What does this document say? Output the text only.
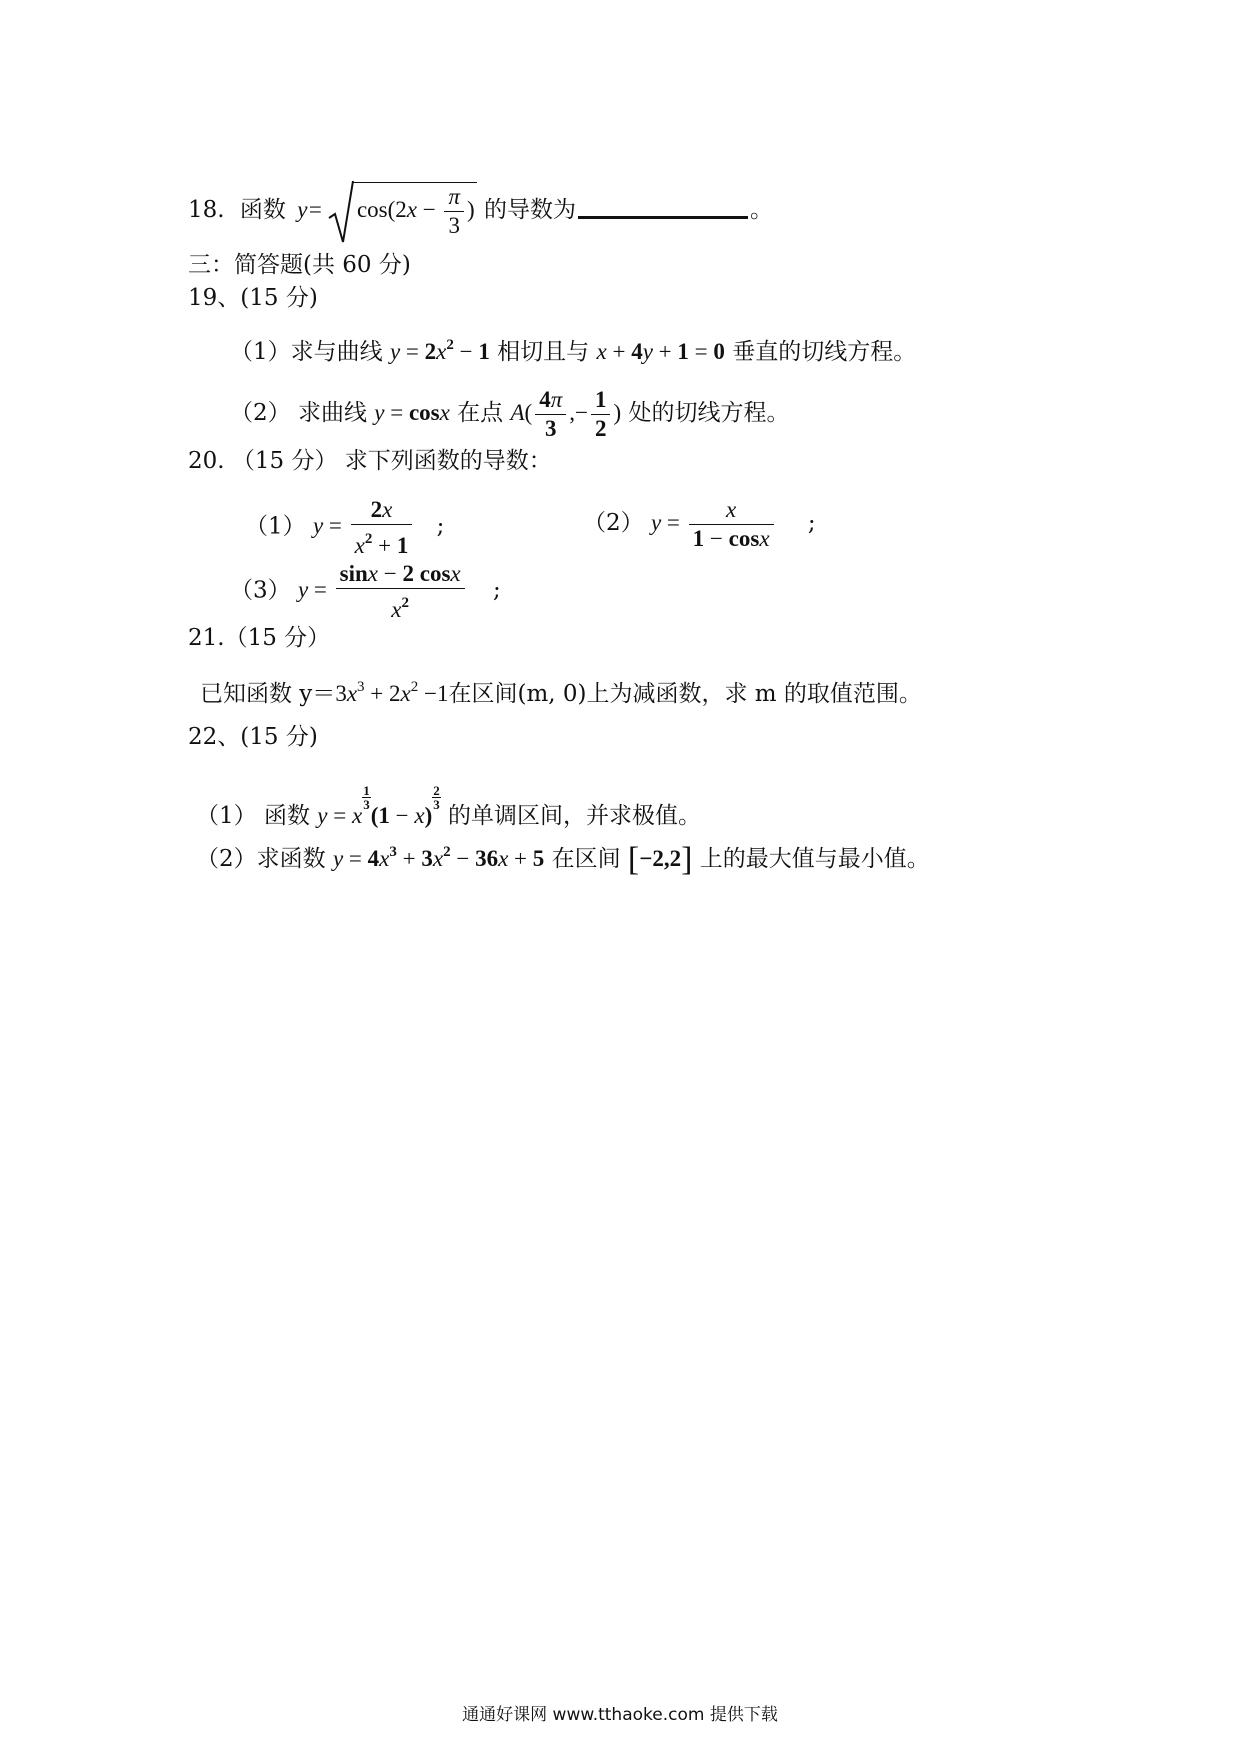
18. 函数 $y= \cos(2x - \frac{\pi}{3}$ ) 的导数为	。
三：简答题(共 60 分)
19、(15 分)
（1）求与曲线 $y = 2x^2 - 1$ 相切且与 x + 4y + 1 = 0 垂直的切线方程。
（2） 求曲线 y = cosx 在点 $A( \frac{4\pi}{3}$ ,− $\frac{1}{2}$ ) 处的切线方程。
20. （15 分） 求下列函数的导数：
（1） $y = \frac{2x}{x^2 + 1}$ ;	（2） $y = \frac{x}{1 - \cos x}$ ;
（3） $y = \frac{\sin x - 2 \cos x}{x^2}$ ;
21.（15 分）
已知函数 $y=3x^3 + 2x^2 -1$在区间(m, 0)上为减函数，求 m 的取值范围。
22、(15 分)
（1） 函数 y = x
$\frac{1}{3}$
(1 − x)
$\frac{2}{3}$
的单调区间，并求极值。
（2）求函数 $y = 4x^3 + 3x^2 - 36x + 5$ 在区间 [−2,2] 上的最大值与最小值。
通通好课网 www.tthaoke.com 提供下载
